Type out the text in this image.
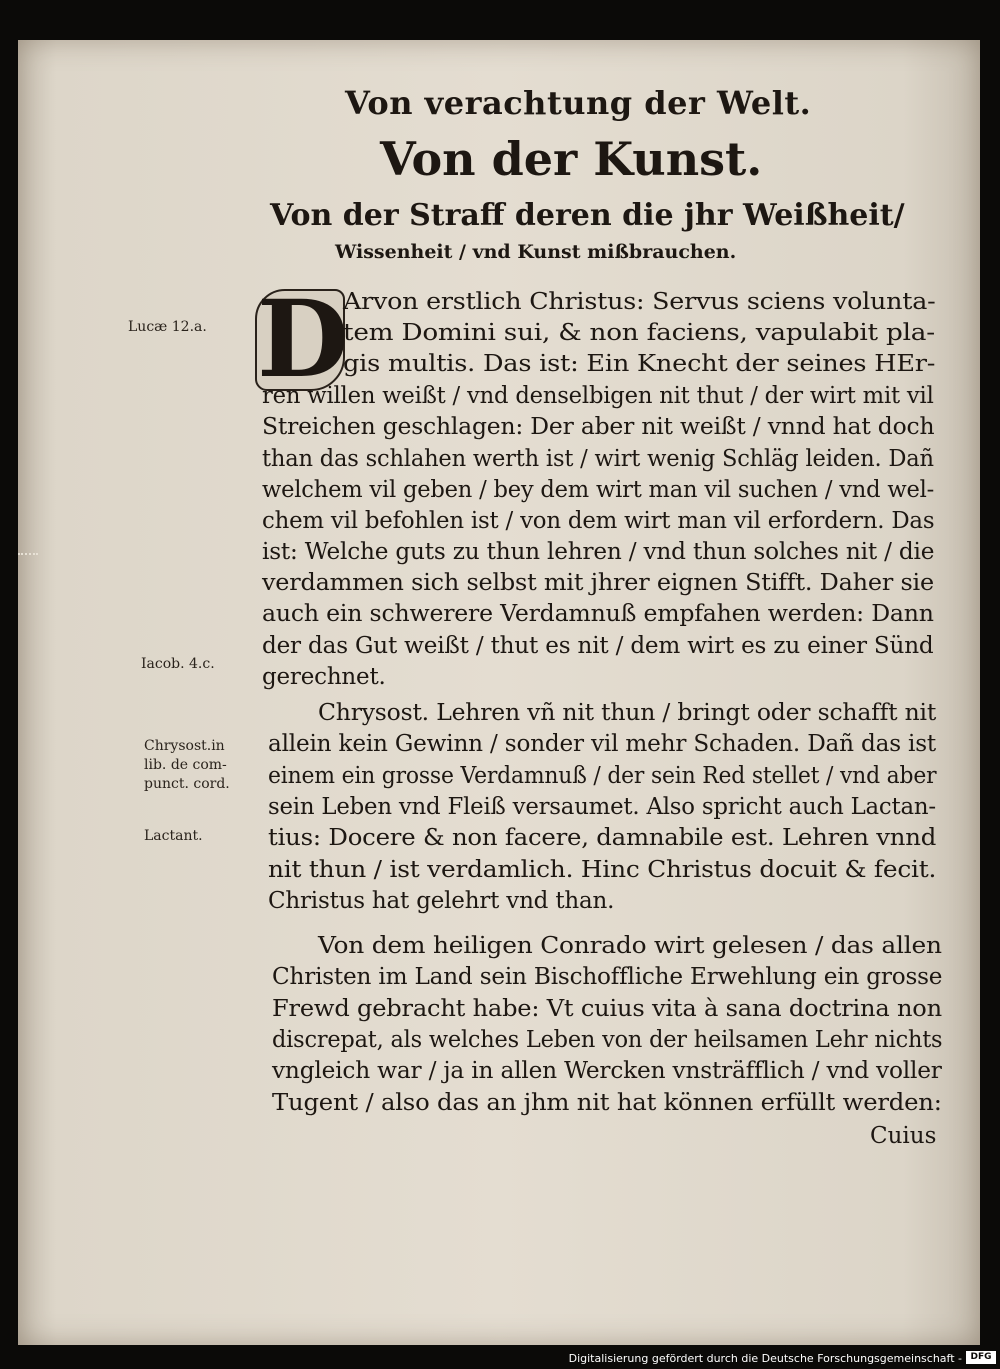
Von verachtung der Welt.
Von der Kunst.
Von der Straff deren die jhr Weißheit/
Wissenheit / vnd Kunst mißbrauchen.
Lucæ 12.a.
Iacob. 4.c.
Chrysost.in
lib. de com-
punct. cord.
Lactant.
D
Arvon erstlich Christus: Servus sciens volunta-
tem Domini sui, & non faciens, vapulabit pla-
gis multis. Das ist: Ein Knecht der seines HEr-
ren willen weißt / vnd denselbigen nit thut / der wirt mit vil
Streichen geschlagen: Der aber nit weißt / vnnd hat doch
than das schlahen werth ist / wirt wenig Schläg leiden. Dañ
welchem vil geben / bey dem wirt man vil suchen / vnd wel-
chem vil befohlen ist / von dem wirt man vil erfordern. Das
ist: Welche guts zu thun lehren / vnd thun solches nit / die
verdammen sich selbst mit jhrer eignen Stifft. Daher sie
auch ein schwerere Verdamnuß empfahen werden: Dann
der das Gut weißt / thut es nit / dem wirt es zu einer Sünd
gerechnet.
Chrysost. Lehren vñ nit thun / bringt oder schafft nit
allein kein Gewinn / sonder vil mehr Schaden. Dañ das ist
einem ein grosse Verdamnuß / der sein Red stellet / vnd aber
sein Leben vnd Fleiß versaumet. Also spricht auch Lactan-
tius: Docere & non facere, damnabile est. Lehren vnnd
nit thun / ist verdamlich. Hinc Christus docuit & fecit.
Christus hat gelehrt vnd than.
Von dem heiligen Conrado wirt gelesen / das allen
Christen im Land sein Bischoffliche Erwehlung ein grosse
Frewd gebracht habe: Vt cuius vita à sana doctrina non
discrepat, als welches Leben von der heilsamen Lehr nichts
vngleich war / ja in allen Wercken vnsträfflich / vnd voller
Tugent / also das an jhm nit hat können erfüllt werden:
Cuius
Digitalisierung gefördert durch die Deutsche Forschungsgemeinschaft - DFG
